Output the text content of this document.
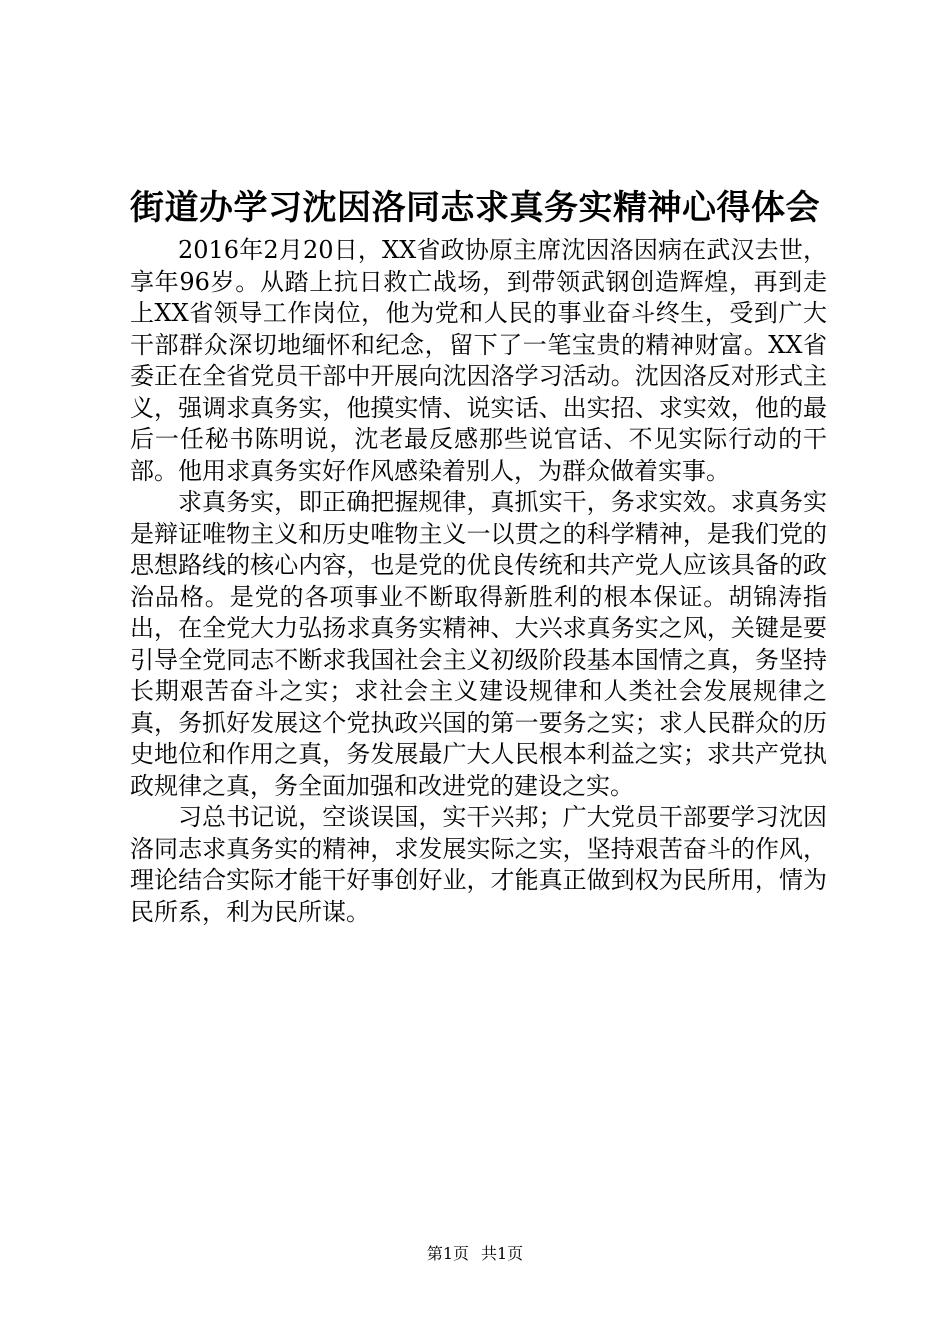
街道办学习沈因洛同志求真务实精神心得体会

2016年2月20日，XX省政协原主席沈因洛因病在武汉去世，享年96岁。从踏上抗日救亡战场，到带领武钢创造辉煌，再到走上XX省领导工作岗位，他为党和人民的事业奋斗终生，受到广大干部群众深切地缅怀和纪念，留下了一笔宝贵的精神财富。XX省委正在全省党员干部中开展向沈因洛学习活动。沈因洛反对形式主义，强调求真务实，他摸实情、说实话、出实招、求实效，他的最后一任秘书陈明说，沈老最反感那些说官话、不见实际行动的干部。他用求真务实好作风感染着别人，为群众做着实事。

求真务实，即正确把握规律，真抓实干，务求实效。求真务实是辩证唯物主义和历史唯物主义一以贯之的科学精神，是我们党的思想路线的核心内容，也是党的优良传统和共产党人应该具备的政治品格。是党的各项事业不断取得新胜利的根本保证。胡锦涛指出，在全党大力弘扬求真务实精神、大兴求真务实之风，关键是要引导全党同志不断求我国社会主义初级阶段基本国情之真，务坚持长期艰苦奋斗之实；求社会主义建设规律和人类社会发展规律之真，务抓好发展这个党执政兴国的第一要务之实；求人民群众的历史地位和作用之真，务发展最广大人民根本利益之实；求共产党执政规律之真，务全面加强和改进党的建设之实。

习总书记说，空谈误国，实干兴邦；广大党员干部要学习沈因洛同志求真务实的精神，求发展实际之实，坚持艰苦奋斗的作风，理论结合实际才能干好事创好业，才能真正做到权为民所用，情为民所系，利为民所谋。

第1页 共1页
